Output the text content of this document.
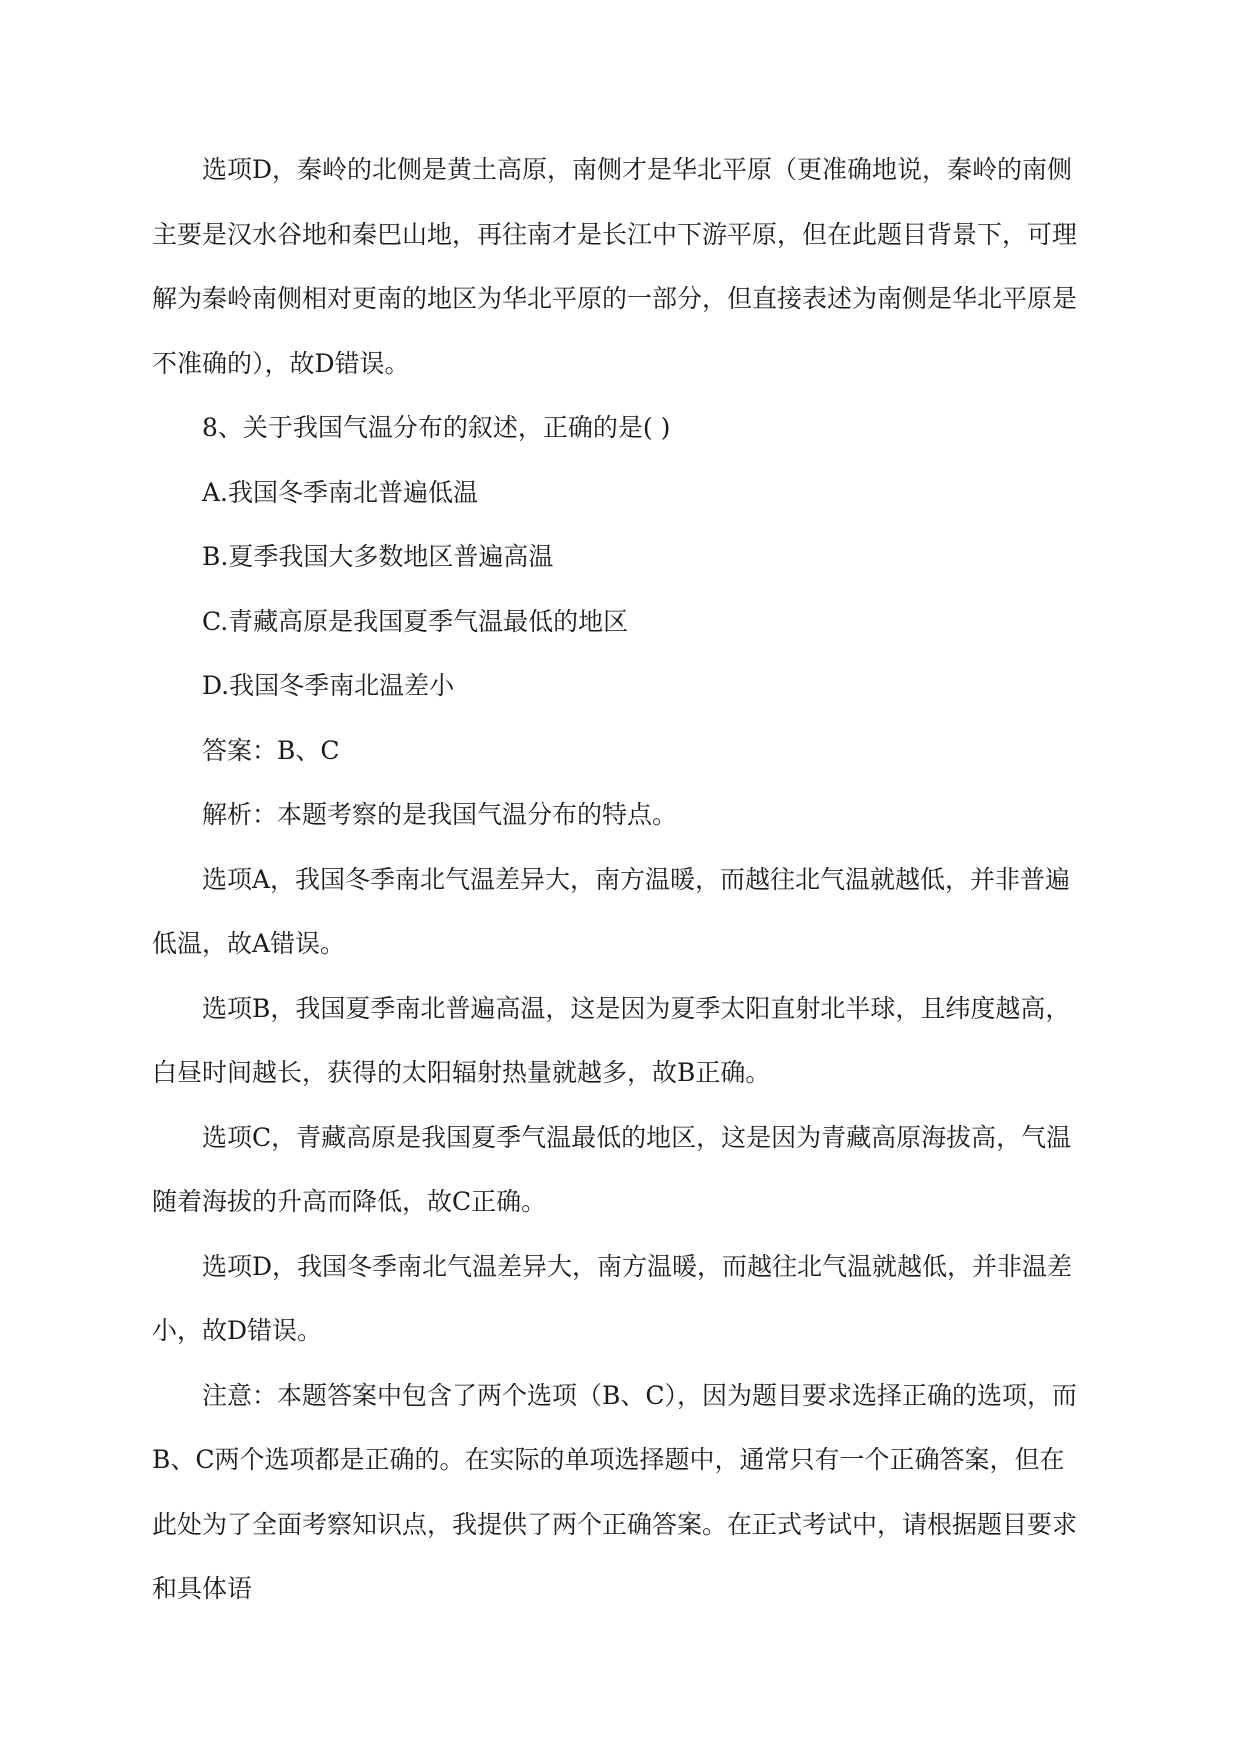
选项D，秦岭的北侧是黄土高原，南侧才是华北平原（更准确地说，秦岭的南侧主要是汉水谷地和秦巴山地，再往南才是长江中下游平原，但在此题目背景下，可理解为秦岭南侧相对更南的地区为华北平原的一部分，但直接表述为南侧是华北平原是不准确的），故D错误。

8、关于我国气温分布的叙述，正确的是( )

A.我国冬季南北普遍低温

B.夏季我国大多数地区普遍高温

C.青藏高原是我国夏季气温最低的地区

D.我国冬季南北温差小

答案：B、C

解析：本题考察的是我国气温分布的特点。

选项A，我国冬季南北气温差异大，南方温暖，而越往北气温就越低，并非普遍低温，故A错误。

选项B，我国夏季南北普遍高温，这是因为夏季太阳直射北半球，且纬度越高，白昼时间越长，获得的太阳辐射热量就越多，故B正确。

选项C，青藏高原是我国夏季气温最低的地区，这是因为青藏高原海拔高，气温随着海拔的升高而降低，故C正确。

选项D，我国冬季南北气温差异大，南方温暖，而越往北气温就越低，并非温差小，故D错误。

注意：本题答案中包含了两个选项（B、C），因为题目要求选择正确的选项，而B、C两个选项都是正确的。在实际的单项选择题中，通常只有一个正确答案，但在此处为了全面考察知识点，我提供了两个正确答案。在正式考试中，请根据题目要求和具体语
